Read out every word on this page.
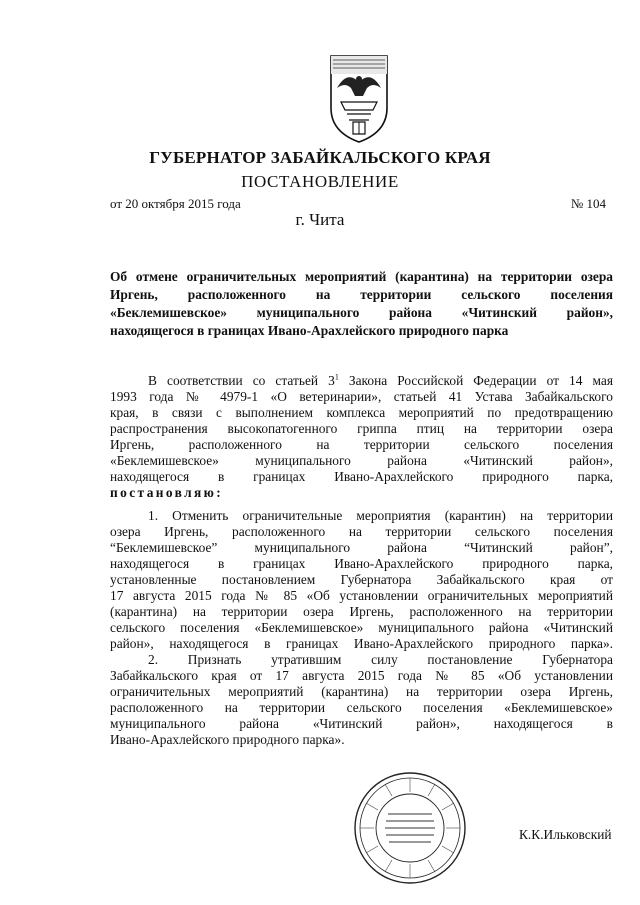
ГУБЕРНАТОР ЗАБАЙКАЛЬСКОГО КРАЯ
ПОСТАНОВЛЕНИЕ
от 20 октября 2015 года	№ 104
г. Чита
Об отмене ограничительных мероприятий (карантина) на территории озера
Иргень, расположенного на территории сельского поселения
«Беклемишевское» муниципального района «Читинский район»,
находящегося в границах Ивано-Арахлейского природного парка
В соответствии со статьей $3^1$ Закона Российской Федерации от 14 мая
1993 года № 4979-1 «О ветеринарии», статьей 41 Устава Забайкальского
края, в связи с выполнением комплекса мероприятий по предотвращению
распространения высокопатогенного гриппа птиц на территории озера
Иргень, расположенного на территории сельского поселения
«Беклемишевское» муниципального района «Читинский район»,
находящегося в границах Ивано-Арахлейского природного парка,
постановляю:
1. Отменить ограничительные мероприятия (карантин) на территории
озера Иргень, расположенного на территории сельского поселения
“Беклемишевское” муниципального района “Читинский район”,
находящегося в границах Ивано-Арахлейского природного парка,
установленные постановлением Губернатора Забайкальского края от
17 августа 2015 года № 85 «Об установлении ограничительных мероприятий
(карантина) на территории озера Иргень, расположенного на территории
сельского поселения «Беклемишевское» муниципального района «Читинский
район», находящегося в границах Ивано-Арахлейского природного парка».
2. Признать утратившим силу постановление Губернатора
Забайкальского края от 17 августа 2015 года № 85 «Об установлении
ограничительных мероприятий (карантина) на территории озера Иргень,
расположенного на территории сельского поселения «Беклемишевское»
муниципального района «Читинский район», находящегося в
Ивано-Арахлейского природного парка».
К.К.Ильковский
